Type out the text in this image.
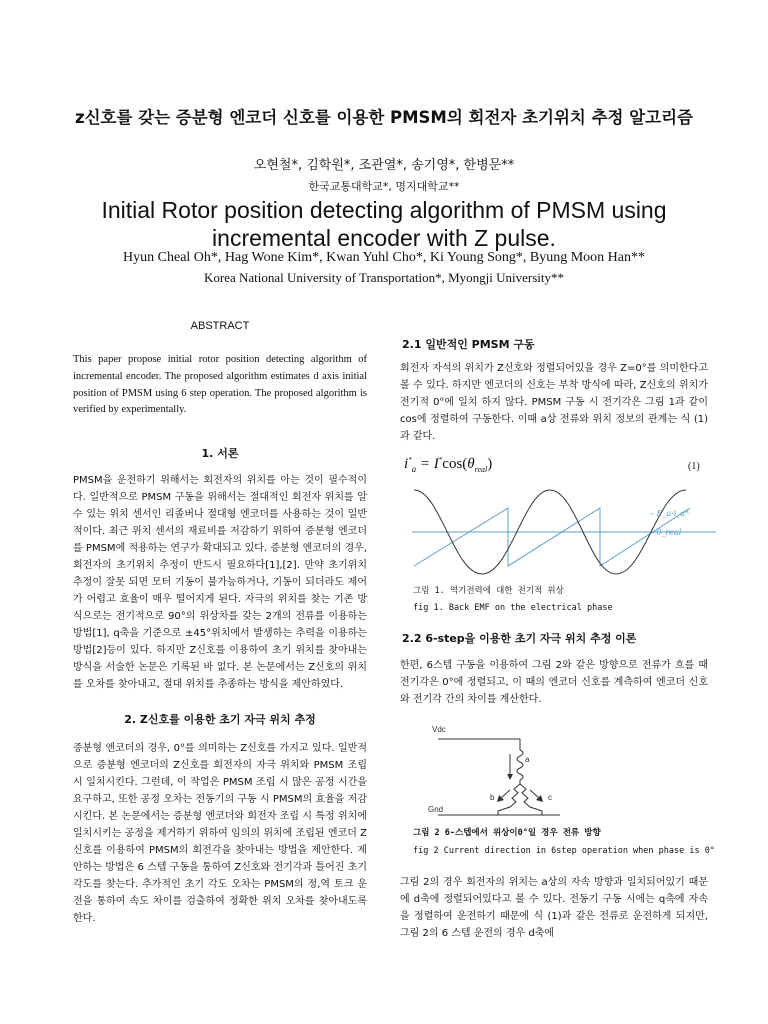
z신호를 갖는 증분형 엔코더 신호를 이용한 PMSM의 회전자 초기위치 추정 알고리즘
오현철*, 김학원*, 조관열*, 송기영*, 한병문**
한국교통대학교*, 명지대학교**
Initial Rotor position detecting algorithm of PMSM using incremental encoder with Z pulse.
Hyun Cheal Oh*, Hag Wone Kim*, Kwan Yuhl Cho*, Ki Young Song*, Byung Moon Han**
Korea National University of Transportation*, Myongji University**
ABSTRACT

This paper propose initial rotor position detecting algorithm of incremental encoder. The proposed algorithm estimates d axis initial position of PMSM using 6 step operation. The proposed algorithm is verified by experimentally.

1. 서론

PMSM을 운전하기 위해서는 회전자의 위치를 아는 것이 필수적이다. 일반적으로 PMSM 구동을 위해서는 절대적인 회전자 위치를 알 수 있는 위치 센서인 리졸버나 절대형 엔코더를 사용하는 것이 일반적이다. 최근 위치 센서의 재료비를 저감하기 위하여 증분형 엔코더를 PMSM에 적용하는 연구가 확대되고 있다. 증분형 엔코더의 경우, 회전자의 초기위치 추정이 반드시 필요하다[1],[2]. 만약 초기위치 추정이 잘못 되면 모터 기동이 불가능하거나, 기동이 되더라도 제어가 어렵고 효율이 매우 떨어지게 된다. 자극의 위치를 찾는 기존 방식으로는 전기적으로 90°의 위상차를 갖는 2개의 전류를 이용하는 방법[1], q축을 기준으로 ±45°위치에서 발생하는 추력을 이용하는 방법[2]등이 있다. 하지만 Z신호를 이용하여 초기 위치를 찾아내는 방식을 서술한 논문은 기록된 바 없다. 본 논문에서는 Z신호의 위치를 오차를 찾아내고, 절대 위치를 추종하는 방식을 제안하였다.

2. Z신호를 이용한 초기 자극 위치 추정

증분형 엔코더의 경우, 0°를 의미하는 Z신호를 가지고 있다. 일반적으로 증분형 엔코더의 Z신호를 회전자의 자극 위치와 PMSM 조립 시 일치시킨다. 그런데, 이 작업은 PMSM 조립 시 많은 공정 시간을 요구하고, 또한 공정 오차는 전동기의 구동 시 PMSM의 효율을 저감 시킨다. 본 논문에서는 증분형 엔코더와 회전자 조립 시 특정 위치에 일치시키는 공정을 제거하기 위하여 임의의 위치에 조립된 엔코더 Z신호를 이용하여 PMSM의 회전각을 찾아내는 방법을 제안한다. 제안하는 방법은 6 스텝 구동을 통하여 Z신호와 전기각과 틀어진 초기 각도를 찾는다. 추가적인 초기 각도 오차는 PMSM의 정,역 토크 운전을 통하여 속도 차이를 검출하여 정확한 위치 오차를 찾아내도록 한다.

2.1 일반적인 PMSM 구동

회전자 자석의 위치가 Z신호와 정렬되어있을 경우 Z=0°를 의미한다고 볼 수 있다. 하지만 엔코더의 신호는 부착 방식에 따라, Z신호의 위치가 전기적 0°에 일치 하지 않다. PMSM 구동 시 전기각은 그림 1과 같이 cos에 정렬하여 구동한다. 이때 a상 전류와 위치 정보의 관계는 식 (1)과 같다.

$i^*_a = I^*\cos(\theta_{real})$	(1)
– E_a·i_a*
– θ_real
그림 1. 역기전력에 대한 전기적 위상
fig 1. Back EMF on the electrical phase
2.2 6-step을 이용한 초기 자극 위치 추정 이론

한편, 6스텝 구동을 이용하여 그림 2와 같은 방향으로 전류가 흐를 때 전기각은 0°에 정렬되고, 이 때의 엔코더 신호를 계측하여 엔코더 신호와 전기각 간의 차이를 계산한다.

Vdc
a
b	c
Gnd
그림 2 6-스텝에서 위상이0°일 경우 전류 방향
fig 2 Current direction in 6step operation when phase is 0°

그림 2의 경우 회전자의 위치는 a상의 자속 방향과 일치되어있기 때문에 d축에 정렬되어있다고 볼 수 있다. 전동기 구동 시에는 q축에 자속을 정렬하여 운전하기 때문에 식 (1)과 같은 전류로 운전하게 되지만, 그림 2의 6 스텝 운전의 경우 d축에
